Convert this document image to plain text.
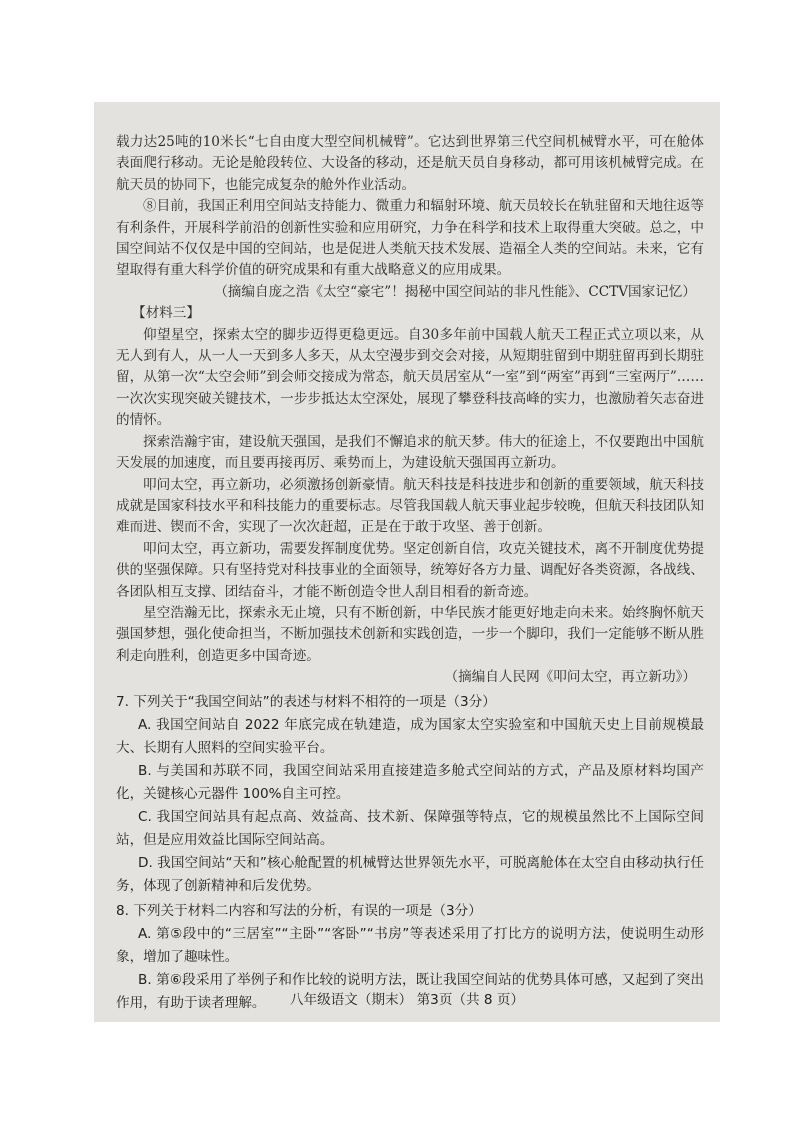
载力达25吨的10米长“七自由度大型空间机械臂”。它达到世界第三代空间机械臂水平，可在舱体表面爬行移动。无论是舱段转位、大设备的移动，还是航天员自身移动，都可用该机械臂完成。在航天员的协同下，也能完成复杂的舱外作业活动。

⑧目前，我国正利用空间站支持能力、微重力和辐射环境、航天员较长在轨驻留和天地往返等有利条件，开展科学前沿的创新性实验和应用研究，力争在科学和技术上取得重大突破。总之，中国空间站不仅仅是中国的空间站，也是促进人类航天技术发展、造福全人类的空间站。未来，它有望取得有重大科学价值的研究成果和有重大战略意义的应用成果。

（摘编自庞之浩《太空“豪宅”！揭秘中国空间站的非凡性能》、CCTV国家记忆）

【材料三】

仰望星空，探索太空的脚步迈得更稳更远。自30多年前中国载人航天工程正式立项以来，从无人到有人，从一人一天到多人多天，从太空漫步到交会对接，从短期驻留到中期驻留再到长期驻留，从第一次“太空会师”到会师交接成为常态，航天员居室从“一室”到“两室”再到“三室两厅”……一次次实现突破关键技术，一步步抵达太空深处，展现了攀登科技高峰的实力，也激励着矢志奋进的情怀。

探索浩瀚宇宙，建设航天强国，是我们不懈追求的航天梦。伟大的征途上，不仅要跑出中国航天发展的加速度，而且要再接再厉、乘势而上，为建设航天强国再立新功。

叩问太空，再立新功，必须激扬创新豪情。航天科技是科技进步和创新的重要领域，航天科技成就是国家科技水平和科技能力的重要标志。尽管我国载人航天事业起步较晚，但航天科技团队知难而进、锲而不舍，实现了一次次赶超，正是在于敢于攻坚、善于创新。

叩问太空，再立新功，需要发挥制度优势。坚定创新自信，攻克关键技术，离不开制度优势提供的坚强保障。只有坚持党对科技事业的全面领导，统筹好各方力量、调配好各类资源，各战线、各团队相互支撑、团结奋斗，才能不断创造令世人刮目相看的新奇迹。

星空浩瀚无比，探索永无止境，只有不断创新，中华民族才能更好地走向未来。始终胸怀航天强国梦想，强化使命担当，不断加强技术创新和实践创造，一步一个脚印，我们一定能够不断从胜利走向胜利，创造更多中国奇迹。

（摘编自人民网《叩问太空，再立新功》）

7. 下列关于“我国空间站”的表述与材料不相符的一项是（3分）

A. 我国空间站自 2022 年底完成在轨建造，成为国家太空实验室和中国航天史上目前规模最大、长期有人照料的空间实验平台。

B. 与美国和苏联不同，我国空间站采用直接建造多舱式空间站的方式，产品及原材料均国产化，关键核心元器件 100%自主可控。

C. 我国空间站具有起点高、效益高、技术新、保障强等特点，它的规模虽然比不上国际空间站，但是应用效益比国际空间站高。

D. 我国空间站“天和”核心舱配置的机械臂达世界领先水平，可脱离舱体在太空自由移动执行任务，体现了创新精神和后发优势。

8. 下列关于材料二内容和写法的分析，有误的一项是（3分）

A. 第⑤段中的“三居室”“主卧”“客卧”“书房”等表述采用了打比方的说明方法，使说明生动形象，增加了趣味性。

B. 第⑥段采用了举例子和作比较的说明方法，既让我国空间站的优势具体可感，又起到了突出作用，有助于读者理解。	八年级语文（期末） 第3页（共 8 页）
